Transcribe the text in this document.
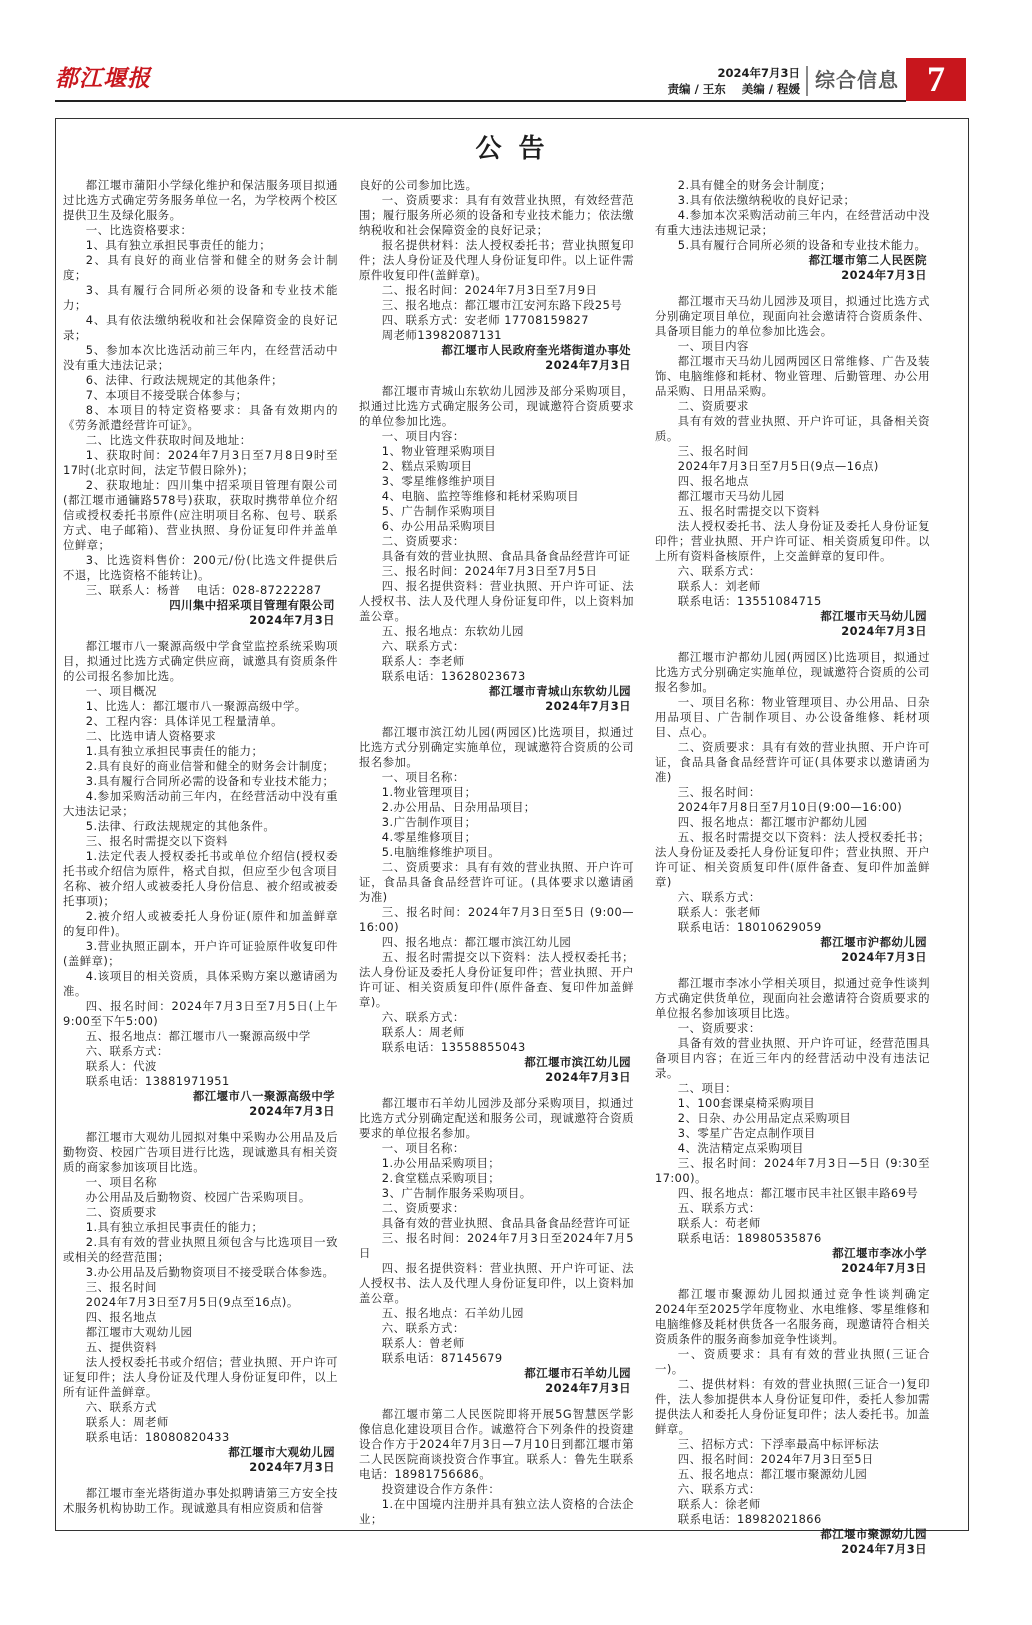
都江堰报	2024年7月3日
责编 / 王东    美编 / 程媛 综合信息 7
公 告

都江堰市蒲阳小学绿化维护和保洁服务项目拟通过比选方式确定劳务服务单位一名，为学校两个校区提供卫生及绿化服务。

一、比选资格要求：

1、具有独立承担民事责任的能力；

2、具有良好的商业信誉和健全的财务会计制度；

3、具有履行合同所必须的设备和专业技术能力；

4、具有依法缴纳税收和社会保障资金的良好记录；

5、参加本次比选活动前三年内，在经营活动中没有重大违法记录；

6、法律、行政法规规定的其他条件；

7、本项目不接受联合体参与；

8、本项目的特定资格要求：具备有效期内的《劳务派遣经营许可证》。

二、比选文件获取时间及地址：

1、获取时间：2024年7月3日至7月8日9时至17时(北京时间，法定节假日除外)；

2、获取地址：四川集中招采项目管理有限公司(都江堰市通镛路578号)获取，获取时携带单位介绍信或授权委托书原件(应注明项目名称、包号、联系方式、电子邮箱)、营业执照、身份证复印件并盖单位鲜章；

3、比选资料售价：200元/份(比选文件提供后不退，比选资格不能转让)。

三、联系人：杨普    电话：028-87222287

四川集中招采项目管理有限公司

2024年7月3日

都江堰市八一聚源高级中学食堂监控系统采购项目，拟通过比选方式确定供应商，诚邀具有资质条件的公司报名参加比选。

一、项目概况

1、比选人：都江堰市八一聚源高级中学。

2、工程内容：具体详见工程量清单。

二、比选申请人资格要求

1.具有独立承担民事责任的能力；

2.具有良好的商业信誉和健全的财务会计制度；

3.具有履行合同所必需的设备和专业技术能力；

4.参加采购活动前三年内，在经营活动中没有重大违法记录；

5.法律、行政法规规定的其他条件。

三、报名时需提交以下资料

1.法定代表人授权委托书或单位介绍信(授权委托书或介绍信为原件，格式自拟，但应至少包含项目名称、被介绍人或被委托人身份信息、被介绍或被委托事项)；

2.被介绍人或被委托人身份证(原件和加盖鲜章的复印件)。

3.营业执照正副本，开户许可证验原件收复印件(盖鲜章)；

4.该项目的相关资质，具体采购方案以邀请函为准。

四、报名时间：2024年7月3日至7月5日(上午9:00至下午5:00)

五、报名地点：都江堰市八一聚源高级中学

六、联系方式：

联系人：代波

联系电话：13881971951

都江堰市八一聚源高级中学

2024年7月3日

都江堰市大观幼儿园拟对集中采购办公用品及后勤物资、校园广告项目进行比选，现诚邀具有相关资质的商家参加该项目比选。

一、项目名称

办公用品及后勤物资、校园广告采购项目。

二、资质要求

1.具有独立承担民事责任的能力；

2.具有有效的营业执照且须包含与比选项目一致或相关的经营范围；

3.办公用品及后勤物资项目不接受联合体参选。

三、报名时间

2024年7月3日至7月5日(9点至16点)。

四、报名地点

都江堰市大观幼儿园

五、提供资料

法人授权委托书或介绍信；营业执照、开户许可证复印件；法人身份证及代理人身份证复印件，以上所有证件盖鲜章。

六、联系方式

联系人：周老师

联系电话：18080820433

都江堰市大观幼儿园

2024年7月3日

都江堰市奎光塔街道办事处拟聘请第三方安全技术服务机构协助工作。现诚邀具有相应资质和信誉

良好的公司参加比选。

一、资质要求：具有有效营业执照，有效经营范围；履行服务所必须的设备和专业技术能力；依法缴纳税收和社会保障资金的良好记录；

报名提供材料：法人授权委托书；营业执照复印件；法人身份证及代理人身份证复印件。以上证件需原件收复印件(盖鲜章)。

二、报名时间：2024年7月3日至7月9日

三、报名地点：都江堰市江安河东路下段25号

四、联系方式：安老师 17708159827

周老师13982087131

都江堰市人民政府奎光塔街道办事处

2024年7月3日

都江堰市青城山东软幼儿园涉及部分采购项目，拟通过比选方式确定服务公司，现诚邀符合资质要求的单位参加比选。

一、项目内容：

1、物业管理采购项目

2、糕点采购项目

3、零星维修维护项目

4、电脑、监控等维修和耗材采购项目

5、广告制作采购项目

6、办公用品采购项目

二、资质要求：

具备有效的营业执照、食品具备食品经营许可证

三、报名时间：2024年7月3日至7月5日

四、报名提供资料：营业执照、开户许可证、法人授权书、法人及代理人身份证复印件，以上资料加盖公章。

五、报名地点：东软幼儿园

六、联系方式：

联系人：李老师

联系电话：13628023673

都江堰市青城山东软幼儿园

2024年7月3日

都江堰市滨江幼儿园(两园区)比选项目，拟通过比选方式分别确定实施单位，现诚邀符合资质的公司报名参加。

一、项目名称：

1.物业管理项目；

2.办公用品、日杂用品项目；

3.广告制作项目；

4.零星维修项目；

5.电脑维修维护项目。

二、资质要求：具有有效的营业执照、开户许可证，食品具备食品经营许可证。(具体要求以邀请函为准)

三、报名时间：2024年7月3日至5日 (9:00—16:00)

四、报名地点：都江堰市滨江幼儿园

五、报名时需提交以下资料：法人授权委托书；法人身份证及委托人身份证复印件；营业执照、开户许可证、相关资质复印件(原件备查、复印件加盖鲜章)。

六、联系方式：

联系人：周老师

联系电话：13558855043

都江堰市滨江幼儿园

2024年7月3日

都江堰市石羊幼儿园涉及部分采购项目，拟通过比选方式分别确定配送和服务公司，现诚邀符合资质要求的单位报名参加。

一、项目名称：

1.办公用品采购项目；

2.食堂糕点采购项目；

3、广告制作服务采购项目。

二、资质要求：

具备有效的营业执照、食品具备食品经营许可证

三、报名时间：2024年7月3日至2024年7月5日

四、报名提供资料：营业执照、开户许可证、法人授权书、法人及代理人身份证复印件，以上资料加盖公章。

五、报名地点：石羊幼儿园

六、联系方式：

联系人：曾老师

联系电话：87145679

都江堰市石羊幼儿园

2024年7月3日

都江堰市第二人民医院即将开展5G智慧医学影像信息化建设项目合作。诚邀符合下列条件的投资建设合作方于2024年7月3日—7月10日到都江堰市第二人民医院商谈投资合作事宜。联系人：鲁先生联系电话：18981756686。

投资建设合作方条件：

1.在中国境内注册并具有独立法人资格的合法企业；

2.具有健全的财务会计制度；

3.具有依法缴纳税收的良好记录；

4.参加本次采购活动前三年内，在经营活动中没有重大违法违规记录；

5.具有履行合同所必须的设备和专业技术能力。

都江堰市第二人民医院

2024年7月3日

都江堰市天马幼儿园涉及项目，拟通过比选方式分别确定项目单位，现面向社会邀请符合资质条件、具备项目能力的单位参加比选会。

一、项目内容

都江堰市天马幼儿园两园区日常维修、广告及装饰、电脑维修和耗材、物业管理、后勤管理、办公用品采购、日用品采购。

二、资质要求

具有有效的营业执照、开户许可证，具备相关资质。

三、报名时间

2024年7月3日至7月5日(9点—16点)

四、报名地点

都江堰市天马幼儿园

五、报名时需提交以下资料

法人授权委托书、法人身份证及委托人身份证复印件；营业执照、开户许可证、相关资质复印件。以上所有资料备核原件，上交盖鲜章的复印件。

六、联系方式：

联系人：刘老师

联系电话：13551084715

都江堰市天马幼儿园

2024年7月3日

都江堰市沪都幼儿园(两园区)比选项目，拟通过比选方式分别确定实施单位，现诚邀符合资质的公司报名参加。

一、项目名称：物业管理项目、办公用品、日杂用品项目、广告制作项目、办公设备维修、耗材项目、点心。

二、资质要求：具有有效的营业执照、开户许可证，食品具备食品经营许可证(具体要求以邀请函为准)

三、报名时间：

2024年7月8日至7月10日(9:00—16:00)

四、报名地点：都江堰市沪都幼儿园

五、报名时需提交以下资料：法人授权委托书；法人身份证及委托人身份证复印件；营业执照、开户许可证、相关资质复印件(原件备查、复印件加盖鲜章)

六、联系方式：

联系人：张老师

联系电话：18010629059

都江堰市沪都幼儿园

2024年7月3日

都江堰市李冰小学相关项目，拟通过竞争性谈判方式确定供货单位，现面向社会邀请符合资质要求的单位报名参加该项目比选。

一、资质要求：

具备有效的营业执照、开户许可证，经营范围具备项目内容；在近三年内的经营活动中没有违法记录。

二、项目：

1、100套课桌椅采购项目

2、日杂、办公用品定点采购项目

3、零星广告定点制作项目

4、洗洁精定点采购项目

三、报名时间：2024年7月3日—5日 (9:30至17:00)。

四、报名地点：都江堰市民丰社区银丰路69号

五、联系方式：

联系人：苟老师

联系电话：18980535876

都江堰市李冰小学

2024年7月3日

都江堰市聚源幼儿园拟通过竞争性谈判确定2024年至2025学年度物业、水电维修、零星维修和电脑维修及耗材供货各一名服务商，现邀请符合相关资质条件的服务商参加竞争性谈判。

一、资质要求：具有有效的营业执照(三证合一)。

二、提供材料：有效的营业执照(三证合一)复印件，法人参加提供本人身份证复印件，委托人参加需提供法人和委托人身份证复印件；法人委托书。加盖鲜章。

三、招标方式：下浮率最高中标评标法

四、报名时间：2024年7月3日至5日

五、报名地点：都江堰市聚源幼儿园

六、联系方式：

联系人：徐老师

联系电话：18982021866

都江堰市聚源幼儿园

2024年7月3日
